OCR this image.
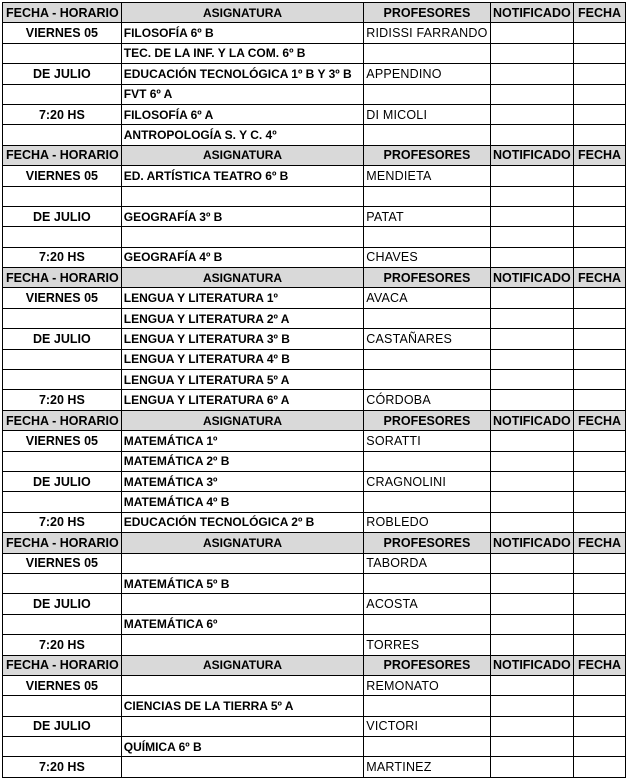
FECHA - HORARIO	ASIGNATURA	PROFESORES	NOTIFICADO	FECHA
VIERNES 05	FILOSOFÍA 6º B	RIDISSI FARRANDO		
	TEC. DE LA INF. Y LA COM. 6º B			
DE JULIO	EDUCACIÓN TECNOLÓGICA 1º B Y 3º B	APPENDINO		
	FVT 6º A			
7:20 HS	FILOSOFÍA 6º A	DI MICOLI		
	ANTROPOLOGÍA S. Y C. 4º			
FECHA - HORARIO	ASIGNATURA	PROFESORES	NOTIFICADO	FECHA
VIERNES 05	ED. ARTÍSTICA TEATRO 6º B	MENDIETA		

DE JULIO	GEOGRAFÍA 3º B	PATAT		

7:20 HS	GEOGRAFÍA 4º B	CHAVES		
FECHA - HORARIO	ASIGNATURA	PROFESORES	NOTIFICADO	FECHA
VIERNES 05	LENGUA Y LITERATURA 1º	AVACA		
	LENGUA Y LITERATURA 2º A			
DE JULIO	LENGUA Y LITERATURA 3º B	CASTAÑARES		
	LENGUA Y LITERATURA 4º B			
	LENGUA Y LITERATURA 5º A			
7:20 HS	LENGUA Y LITERATURA 6º A	CÓRDOBA		
FECHA - HORARIO	ASIGNATURA	PROFESORES	NOTIFICADO	FECHA
VIERNES 05	MATEMÁTICA 1º	SORATTI		
	MATEMÁTICA 2º B			
DE JULIO	MATEMÁTICA 3º	CRAGNOLINI		
	MATEMÁTICA 4º B			
7:20 HS	EDUCACIÓN TECNOLÓGICA 2º B	ROBLEDO		
FECHA - HORARIO	ASIGNATURA	PROFESORES	NOTIFICADO	FECHA
VIERNES 05		TABORDA		
	MATEMÁTICA 5º B			
DE JULIO		ACOSTA		
	MATEMÁTICA 6º			
7:20 HS		TORRES		
FECHA - HORARIO	ASIGNATURA	PROFESORES	NOTIFICADO	FECHA
VIERNES 05		REMONATO		
	CIENCIAS DE LA TIERRA 5º A			
DE JULIO		VICTORI		
	QUÍMICA 6º B			
7:20 HS		MARTINEZ		
